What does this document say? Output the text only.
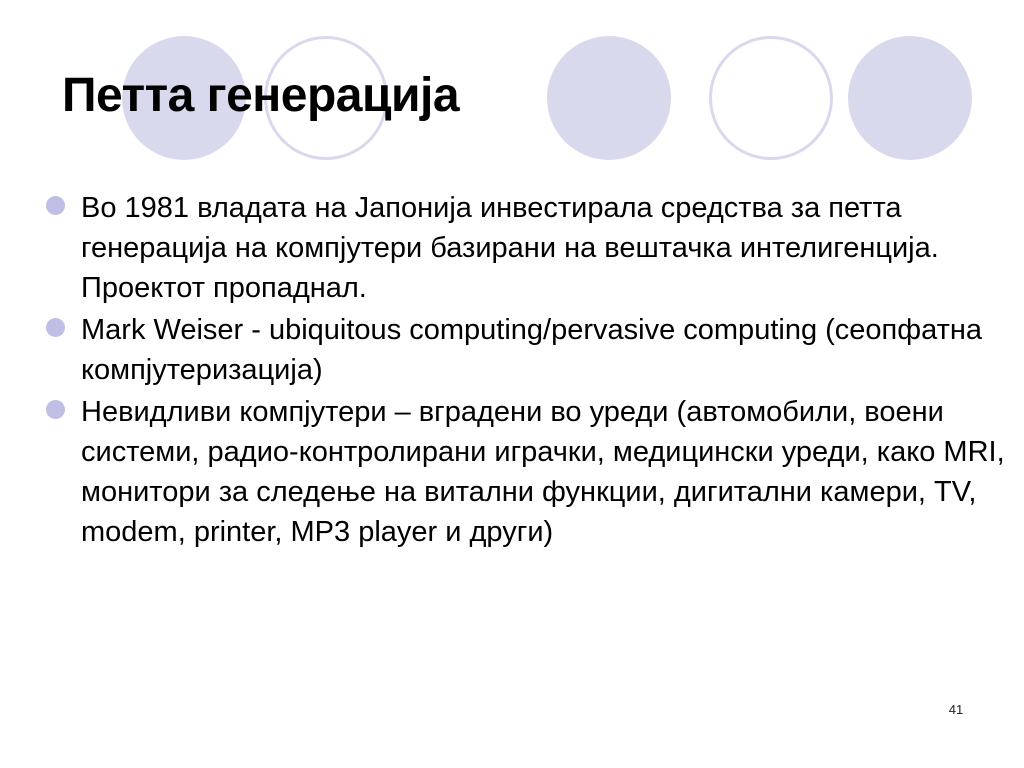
Петта генерација
Во 1981 владата на Јапонија инвестирала средства за петта генерација на компјутери базирани на вештачка интелигенција. Проектот пропаднал.
Mark Weiser - ubiquitous computing/pervasive computing (сеопфатна компјутеризација)
Невидливи компјутери – вградени во уреди (автомобили, воени системи, радио-контролирани играчки, медицински уреди, како MRI, монитори за следење на витални функции, дигитални камери, TV, modem, printer, MP3 player и други)
41
